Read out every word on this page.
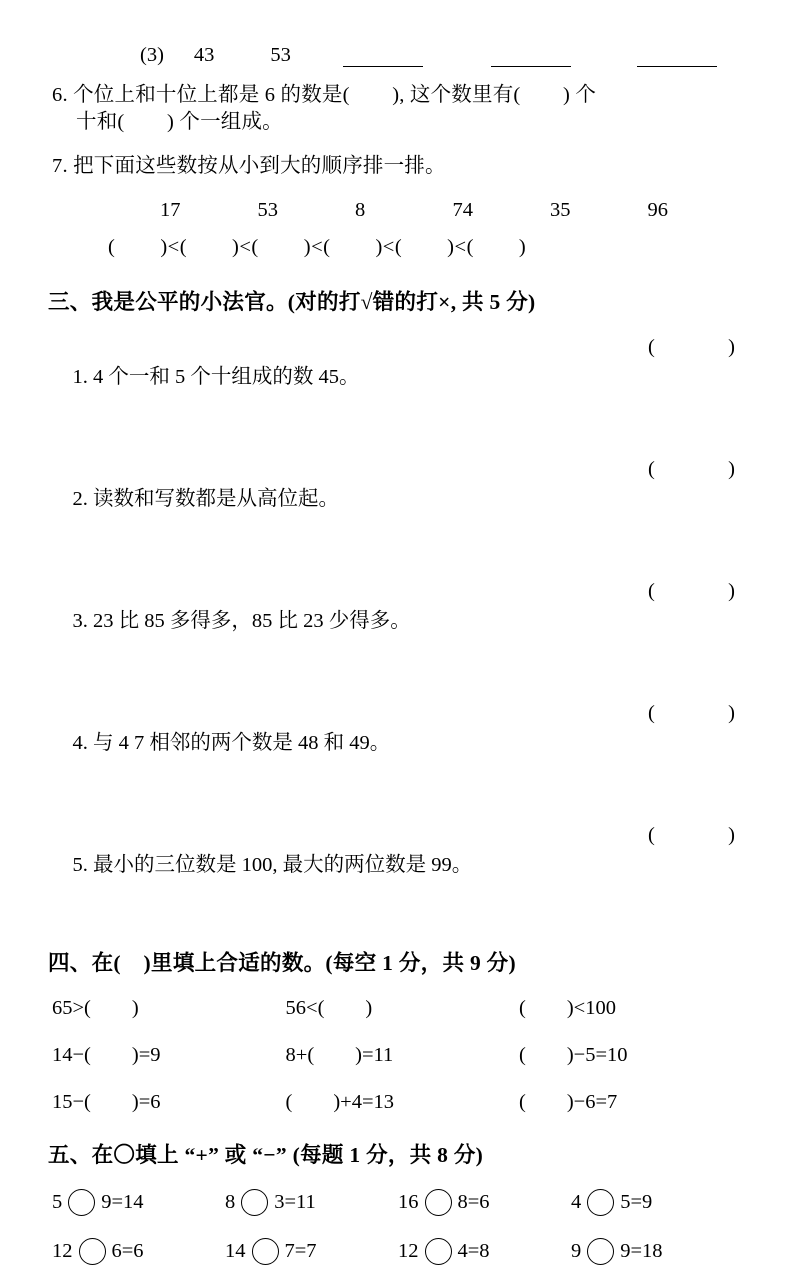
(3) 43	53
6. 个位上和十位上都是 6 的数是(        ), 这个数里有(        ) 个
十和(        ) 个一组成。
7. 把下面这些数按从小到大的顺序排一排。
17	53	8	74	35	96
(        )<(        )<(        )<(        )<(        )<(        )
三、我是公平的小法官。(对的打√错的打×, 共 5 分)

1. 4 个一和 5 个十组成的数 45。

(          )

2. 读数和写数都是从高位起。

(          )

3. 23 比 85 多得多，85 比 23 少得多。

(          )

4. 与 4 7 相邻的两个数是 48 和 49。

(          )

5. 最小的三位数是 100, 最大的两位数是 99。

(          )

四、在(    )里填上合适的数。(每空 1 分，共 9 分)
65>(        )	56<(        )	(        )<100
14−(        )=9	8+(        )=11	(        )−5=10
15−(        )=6	(        )+4=13	(        )−6=7
五、在〇填上 “+” 或 “−” (每题 1 分，共 8 分)
5 9=14	8 3=11	16 8=6	4 5=9
12 6=6	14 7=7	12 4=8	9 9=18
